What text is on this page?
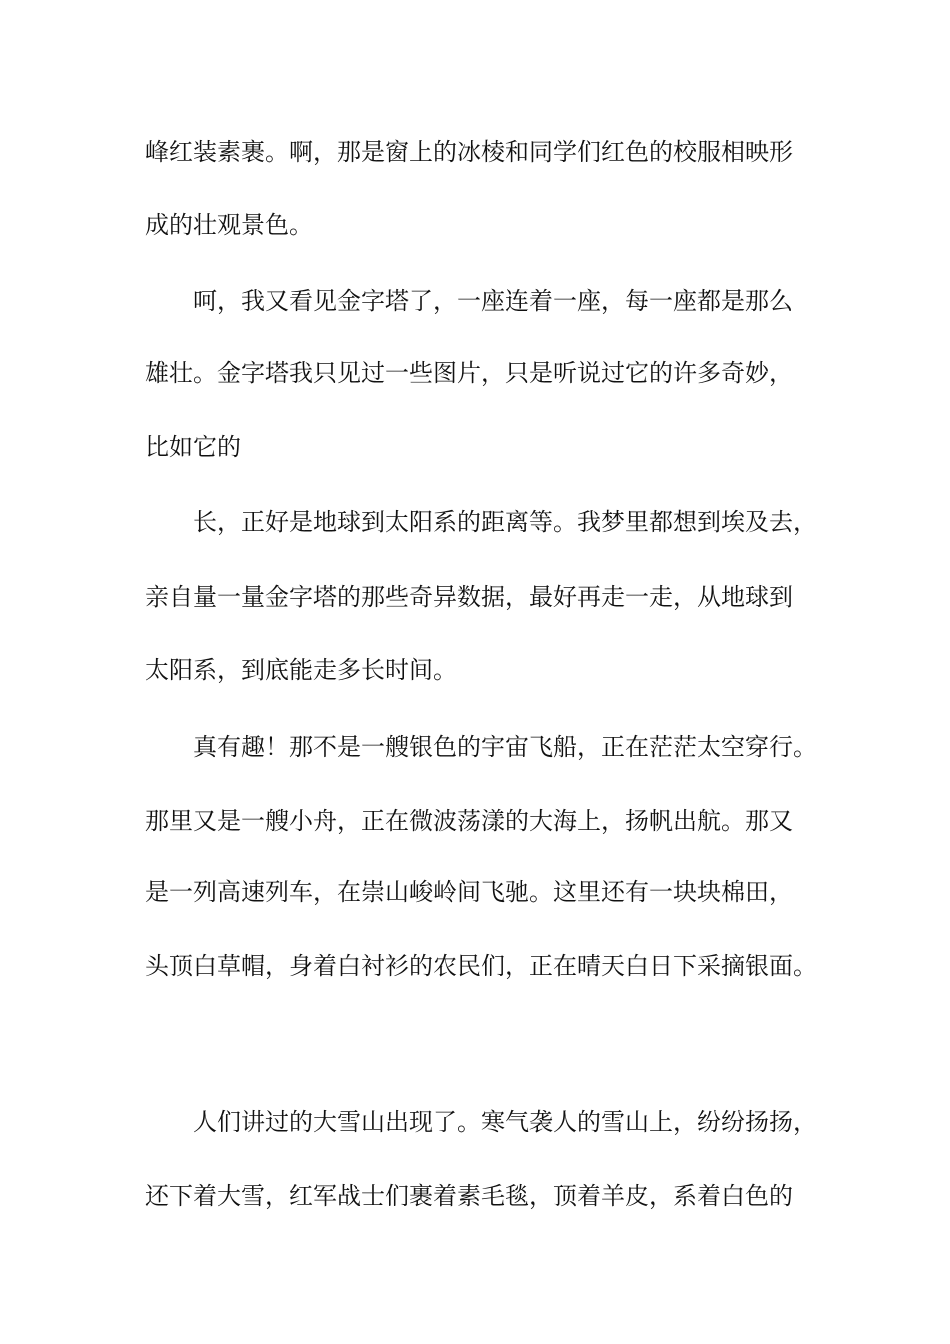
峰红装素裹。啊，那是窗上的冰棱和同学们红色的校服相映形
成的壮观景色。
呵，我又看见金字塔了，一座连着一座，每一座都是那么
雄壮。金字塔我只见过一些图片，只是听说过它的许多奇妙，
比如它的
长，正好是地球到太阳系的距离等。我梦里都想到埃及去，
亲自量一量金字塔的那些奇异数据，最好再走一走，从地球到
太阳系，到底能走多长时间。
真有趣！那不是一艘银色的宇宙飞船，正在茫茫太空穿行。
那里又是一艘小舟，正在微波荡漾的大海上，扬帆出航。那又
是一列高速列车，在崇山峻岭间飞驰。这里还有一块块棉田，
头顶白草帽，身着白衬衫的农民们，正在晴天白日下采摘银面。
人们讲过的大雪山出现了。寒气袭人的雪山上，纷纷扬扬，
还下着大雪，红军战士们裹着素毛毯，顶着羊皮，系着白色的
